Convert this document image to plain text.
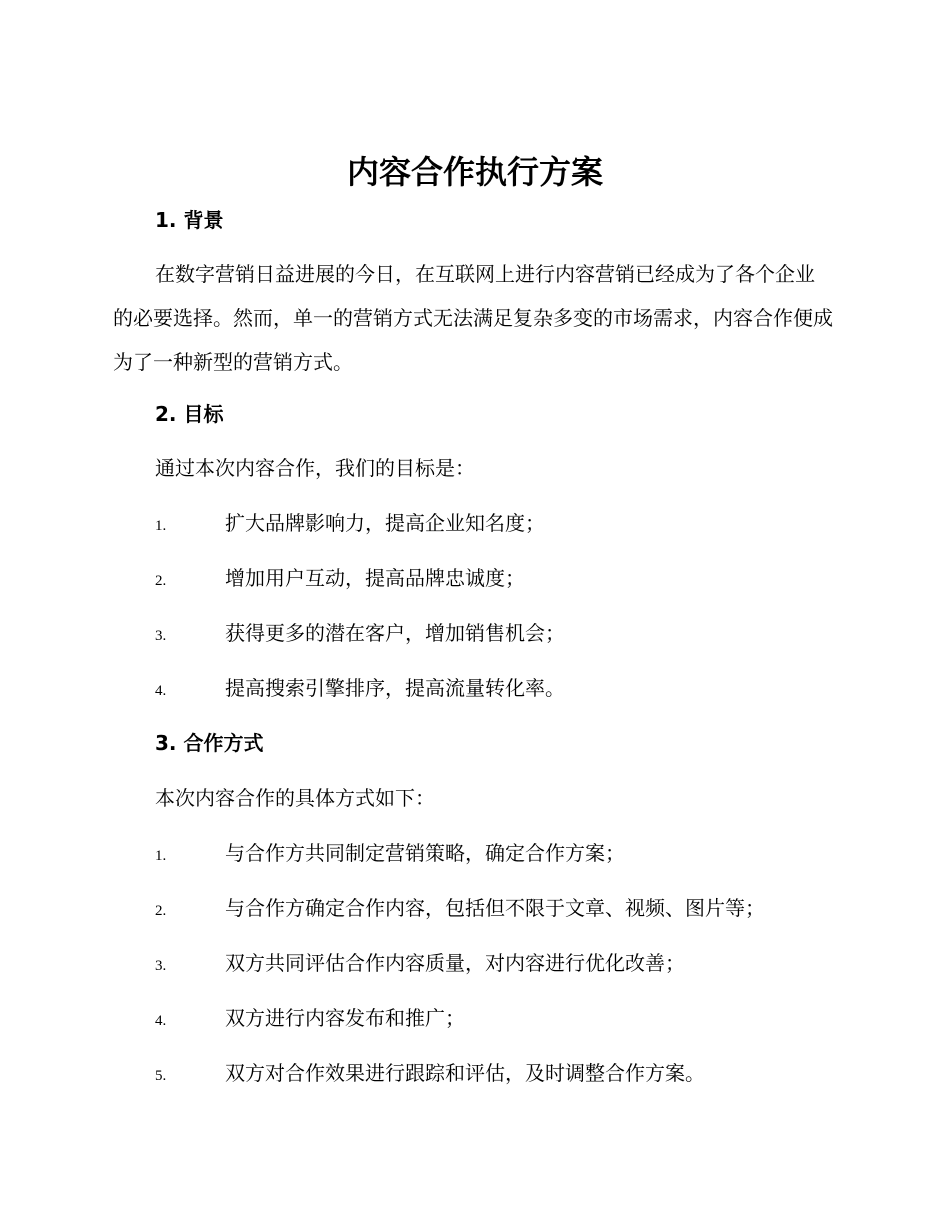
内容合作执行方案
1. 背景
在数字营销日益进展的今日，在互联网上进行内容营销已经成为了各个企业的必要选择。然而，单一的营销方式无法满足复杂多变的市场需求，内容合作便成为了一种新型的营销方式。
2. 目标
通过本次内容合作，我们的目标是：
1.	扩大品牌影响力，提高企业知名度；
2.	增加用户互动，提高品牌忠诚度；
3.	获得更多的潜在客户，增加销售机会；
4.	提高搜索引擎排序，提高流量转化率。
3. 合作方式
本次内容合作的具体方式如下：
1.	与合作方共同制定营销策略，确定合作方案；
2.	与合作方确定合作内容，包括但不限于文章、视频、图片等；
3.	双方共同评估合作内容质量，对内容进行优化改善；
4.	双方进行内容发布和推广；
5.	双方对合作效果进行跟踪和评估，及时调整合作方案。
